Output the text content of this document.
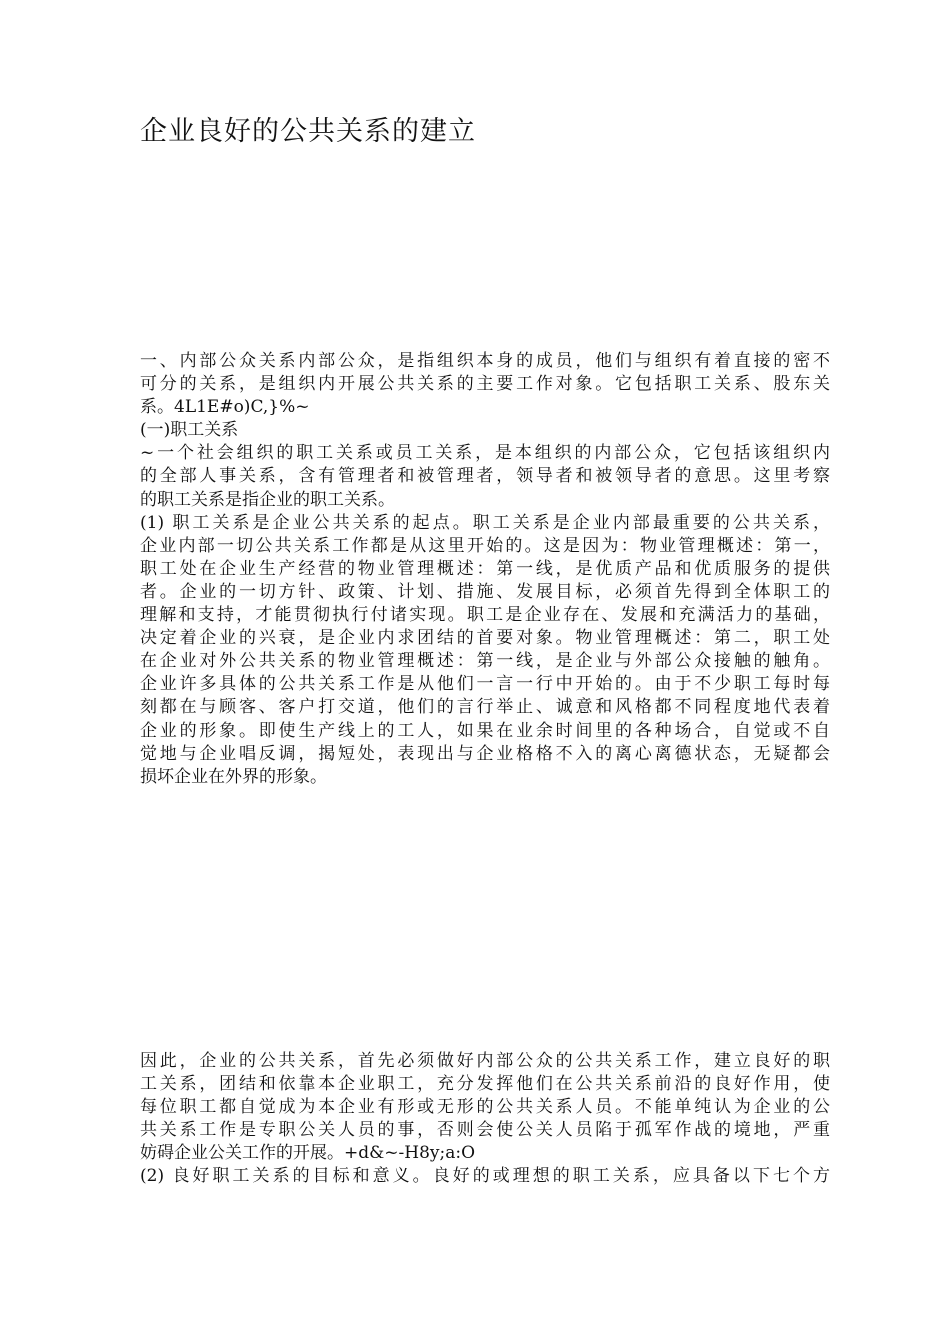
企业良好的公共关系的建立
一、内部公众关系内部公众，是指组织本身的成员，他们与组织有着直接的密不
可分的关系，是组织内开展公共关系的主要工作对象。它包括职工关系、股东关
系。4L1E#o)C,}%~
(一)职工关系
~一个社会组织的职工关系或员工关系，是本组织的内部公众，它包括该组织内
的全部人事关系，含有管理者和被管理者，领导者和被领导者的意思。这里考察
的职工关系是指企业的职工关系。
(1) 职工关系是企业公共关系的起点。职工关系是企业内部最重要的公共关系，
企业内部一切公共关系工作都是从这里开始的。这是因为：物业管理概述：第一，
职工处在企业生产经营的物业管理概述：第一线，是优质产品和优质服务的提供
者。企业的一切方针、政策、计划、措施、发展目标，必须首先得到全体职工的
理解和支持，才能贯彻执行付诸实现。职工是企业存在、发展和充满活力的基础，
决定着企业的兴衰，是企业内求团结的首要对象。物业管理概述：第二，职工处
在企业对外公共关系的物业管理概述：第一线，是企业与外部公众接触的触角。
企业许多具体的公共关系工作是从他们一言一行中开始的。由于不少职工每时每
刻都在与顾客、客户打交道，他们的言行举止、诚意和风格都不同程度地代表着
企业的形象。即使生产线上的工人，如果在业余时间里的各种场合，自觉或不自
觉地与企业唱反调，揭短处，表现出与企业格格不入的离心离德状态，无疑都会
损坏企业在外界的形象。
因此，企业的公共关系，首先必须做好内部公众的公共关系工作，建立良好的职
工关系，团结和依靠本企业职工，充分发挥他们在公共关系前沿的良好作用，使
每位职工都自觉成为本企业有形或无形的公共关系人员。不能单纯认为企业的公
共关系工作是专职公关人员的事，否则会使公关人员陷于孤军作战的境地，严重
妨碍企业公关工作的开展。+d&~-H8y;a:O
(2) 良好职工关系的目标和意义。良好的或理想的职工关系，应具备以下七个方
